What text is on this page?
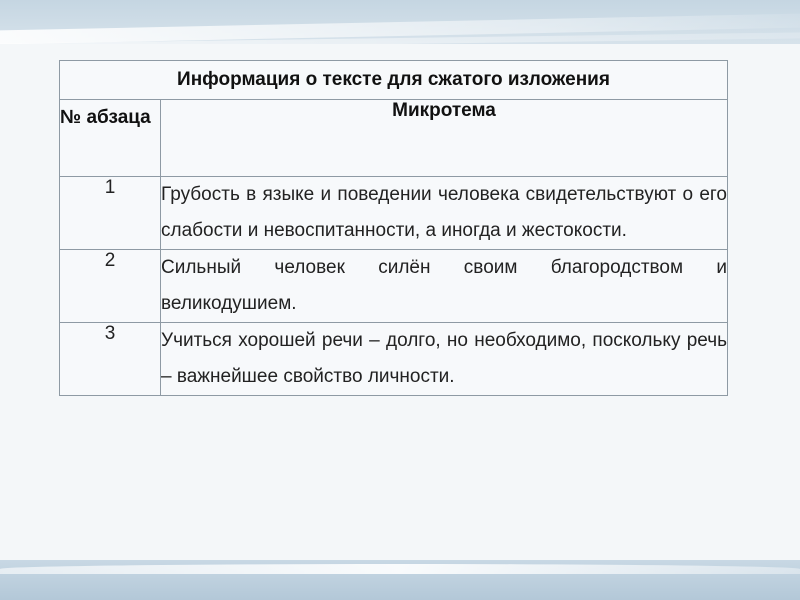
Информация о тексте для сжатого изложения	
№ абзаца	Микротема
1	Грубость в языке и поведении человека свидетельствуют о его слабости и невоспитанности, а иногда и жестокости.
2	Сильный человек силён своим благородством и великодушием.
3	Учиться хорошей речи – долго, но необходимо, поскольку речь – важнейшее свойство личности.
